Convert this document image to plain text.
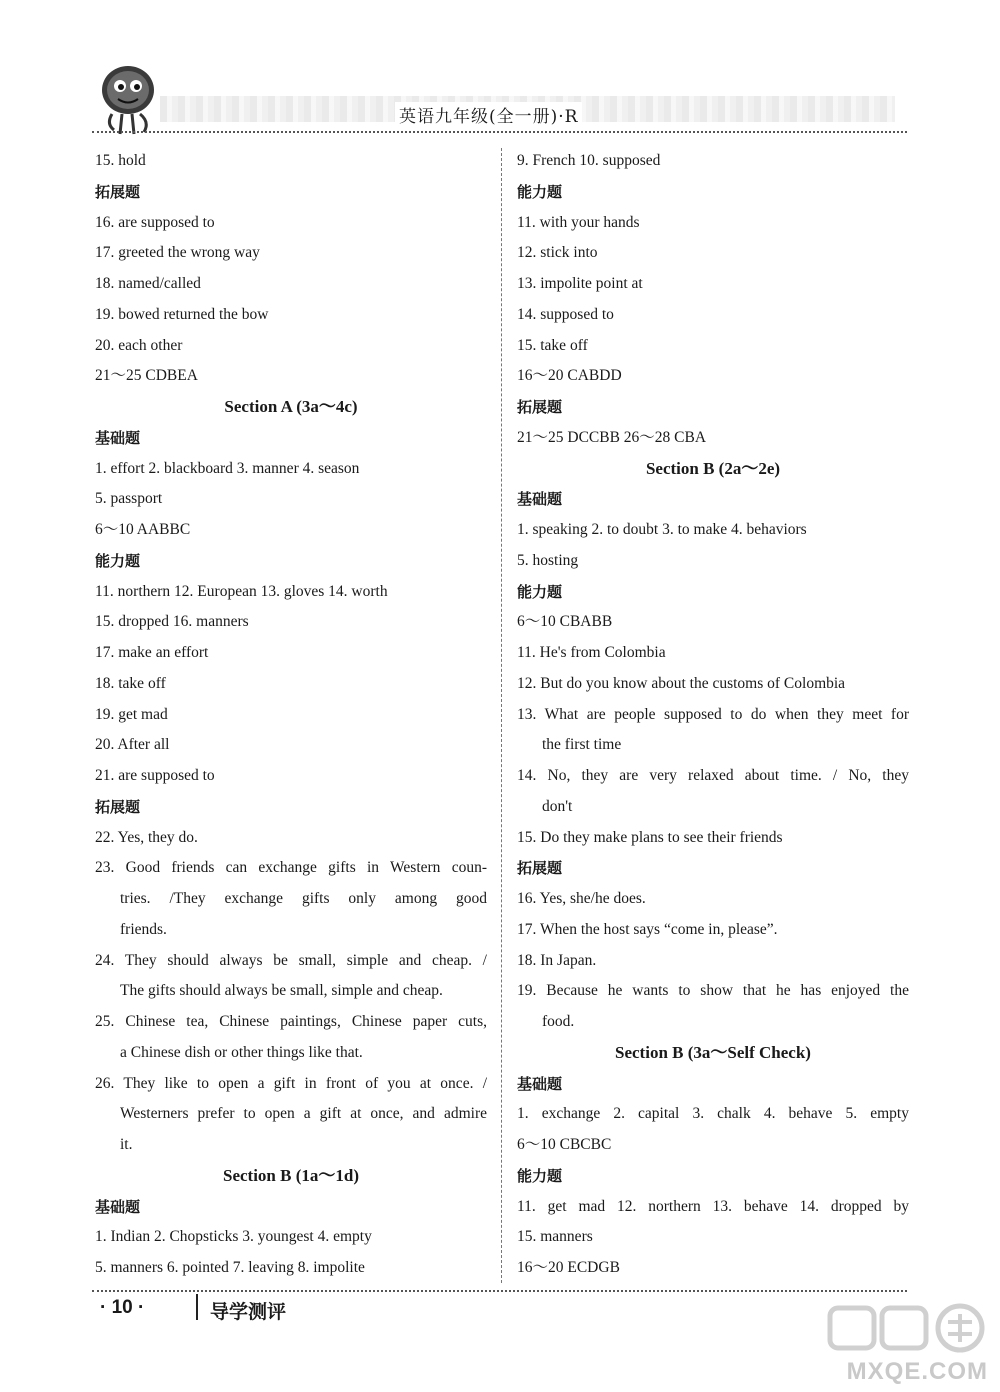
英语九年级(全一册)·R
15. hold
拓展题
16. are supposed to
17. greeted the wrong way
18. named/called
19. bowed returned the bow
20. each other
21～25 CDBEA
Section A (3a～4c)
基础题
1. effort 2. blackboard 3. manner 4. season
5. passport
6～10 AABBC
能力题
11. northern 12. European 13. gloves 14. worth
15. dropped 16. manners
17. make an effort
18. take off
19. get mad
20. After all
21. are supposed to
拓展题
22. Yes, they do.
23. Good friends can exchange gifts in Western coun-
tries. /They exchange gifts only among good
friends.
24. They should always be small, simple and cheap. /
The gifts should always be small, simple and cheap.
25. Chinese tea, Chinese paintings, Chinese paper cuts,
a Chinese dish or other things like that.
26. They like to open a gift in front of you at once. /
Westerners prefer to open a gift at once, and admire
it.
Section B (1a～1d)
基础题
1. Indian 2. Chopsticks 3. youngest 4. empty
5. manners 6. pointed 7. leaving 8. impolite
9. French 10. supposed
能力题
11. with your hands
12. stick into
13. impolite point at
14. supposed to
15. take off
16～20 CABDD
拓展题
21～25 DCCBB 26～28 CBA
Section B (2a～2e)
基础题
1. speaking 2. to doubt 3. to make 4. behaviors
5. hosting
能力题
6～10 CBABB
11. He's from Colombia
12. But do you know about the customs of Colombia
13. What are people supposed to do when they meet for
the first time
14. No, they are very relaxed about time. / No, they
don't
15. Do they make plans to see their friends
拓展题
16. Yes, she/he does.
17. When the host says “come in, please”.
18. In Japan.
19. Because he wants to show that he has enjoyed the
food.
Section B (3a～Self Check)
基础题
1. exchange 2. capital 3. chalk 4. behave 5. empty
6～10 CBCBC
能力题
11. get mad 12. northern 13. behave 14. dropped by
15. manners
16～20 ECDGB
· 10 ·	导学测评
MXQE.COM
